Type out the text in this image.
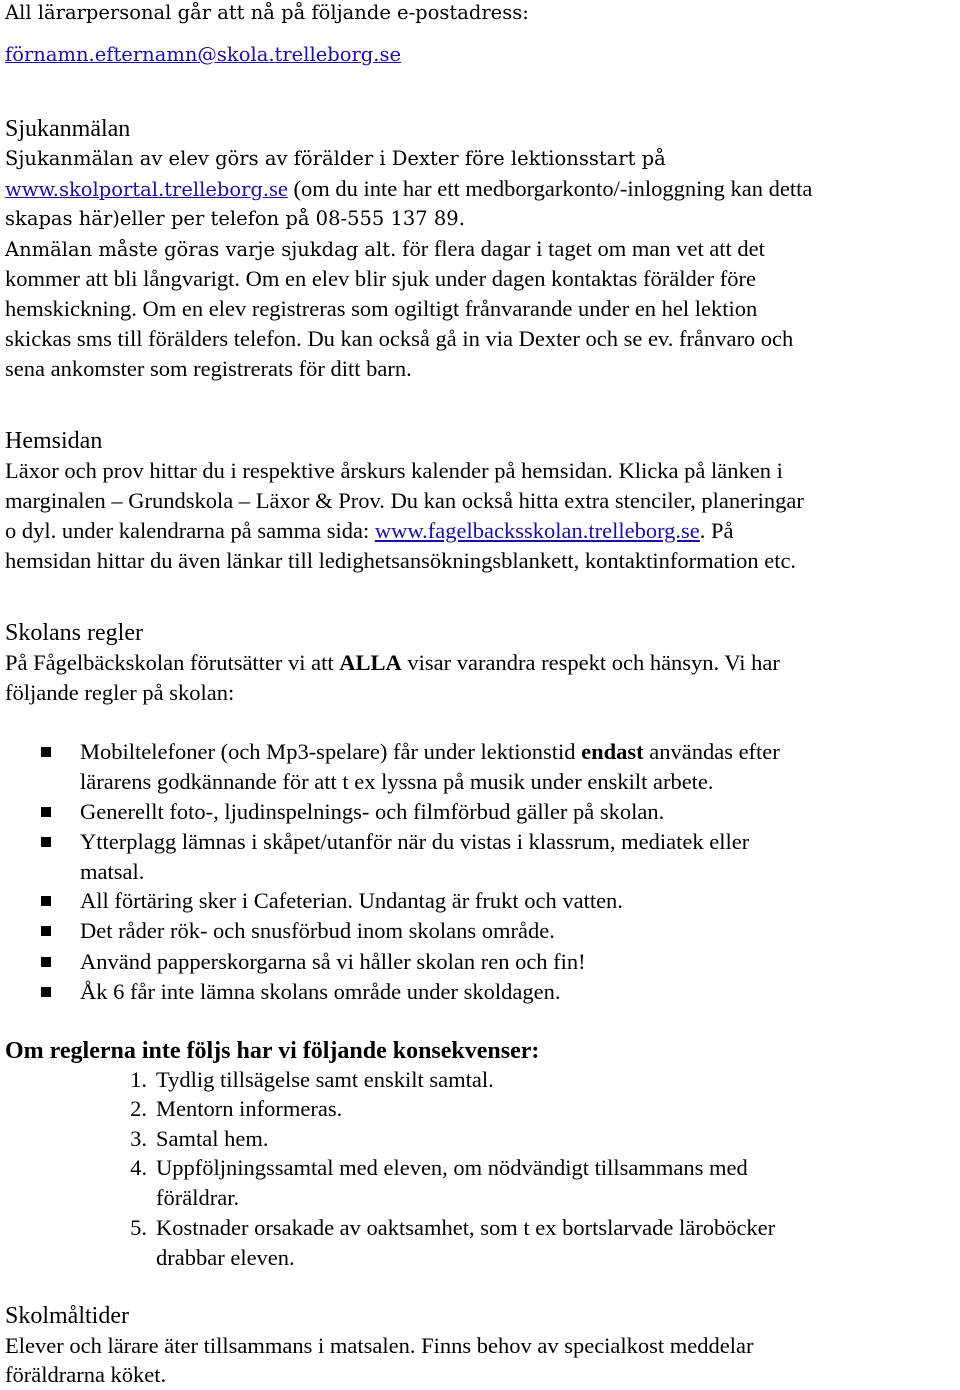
All lärarpersonal går att nå på följande e-postadress:
förnamn.efternamn@skola.trelleborg.se
Sjukanmälan
Sjukanmälan av elev görs av förälder i Dexter före lektionsstart på
www.skolportal.trelleborg.se (om du inte har ett medborgarkonto/-inloggning kan detta
skapas här)eller per telefon på 08-555 137 89.
Anmälan måste göras varje sjukdag alt. för flera dagar i taget om man vet att det
kommer att bli långvarigt. Om en elev blir sjuk under dagen kontaktas förälder före
hemskickning. Om en elev registreras som ogiltigt frånvarande under en hel lektion
skickas sms till förälders telefon. Du kan också gå in via Dexter och se ev. frånvaro och
sena ankomster som registrerats för ditt barn.
Hemsidan
Läxor och prov hittar du i respektive årskurs kalender på hemsidan. Klicka på länken i
marginalen – Grundskola – Läxor & Prov. Du kan också hitta extra stenciler, planeringar
o dyl. under kalendrarna på samma sida: www.fagelbacksskolan.trelleborg.se. På
hemsidan hittar du även länkar till ledighetsansökningsblankett, kontaktinformation etc.
Skolans regler
På Fågelbäckskolan förutsätter vi att ALLA visar varandra respekt och hänsyn. Vi har
följande regler på skolan:
Mobiltelefoner (och Mp3-spelare) får under lektionstid endast användas efter
lärarens godkännande för att t ex lyssna på musik under enskilt arbete.
Generellt foto-, ljudinspelnings- och filmförbud gäller på skolan.
Ytterplagg lämnas i skåpet/utanför när du vistas i klassrum, mediatek eller
matsal.
All förtäring sker i Cafeterian. Undantag är frukt och vatten.
Det råder rök- och snusförbud inom skolans område.
Använd papperskorgarna så vi håller skolan ren och fin!
Åk 6 får inte lämna skolans område under skoldagen.
Om reglerna inte följs har vi följande konsekvenser:
1. Tydlig tillsägelse samt enskilt samtal.
2. Mentorn informeras.
3. Samtal hem.
4. Uppföljningssamtal med eleven, om nödvändigt tillsammans med
föräldrar.
5. Kostnader orsakade av oaktsamhet, som t ex bortslarvade läroböcker
drabbar eleven.
Skolmåltider
Elever och lärare äter tillsammans i matsalen. Finns behov av specialkost meddelar
föräldrarna köket.
